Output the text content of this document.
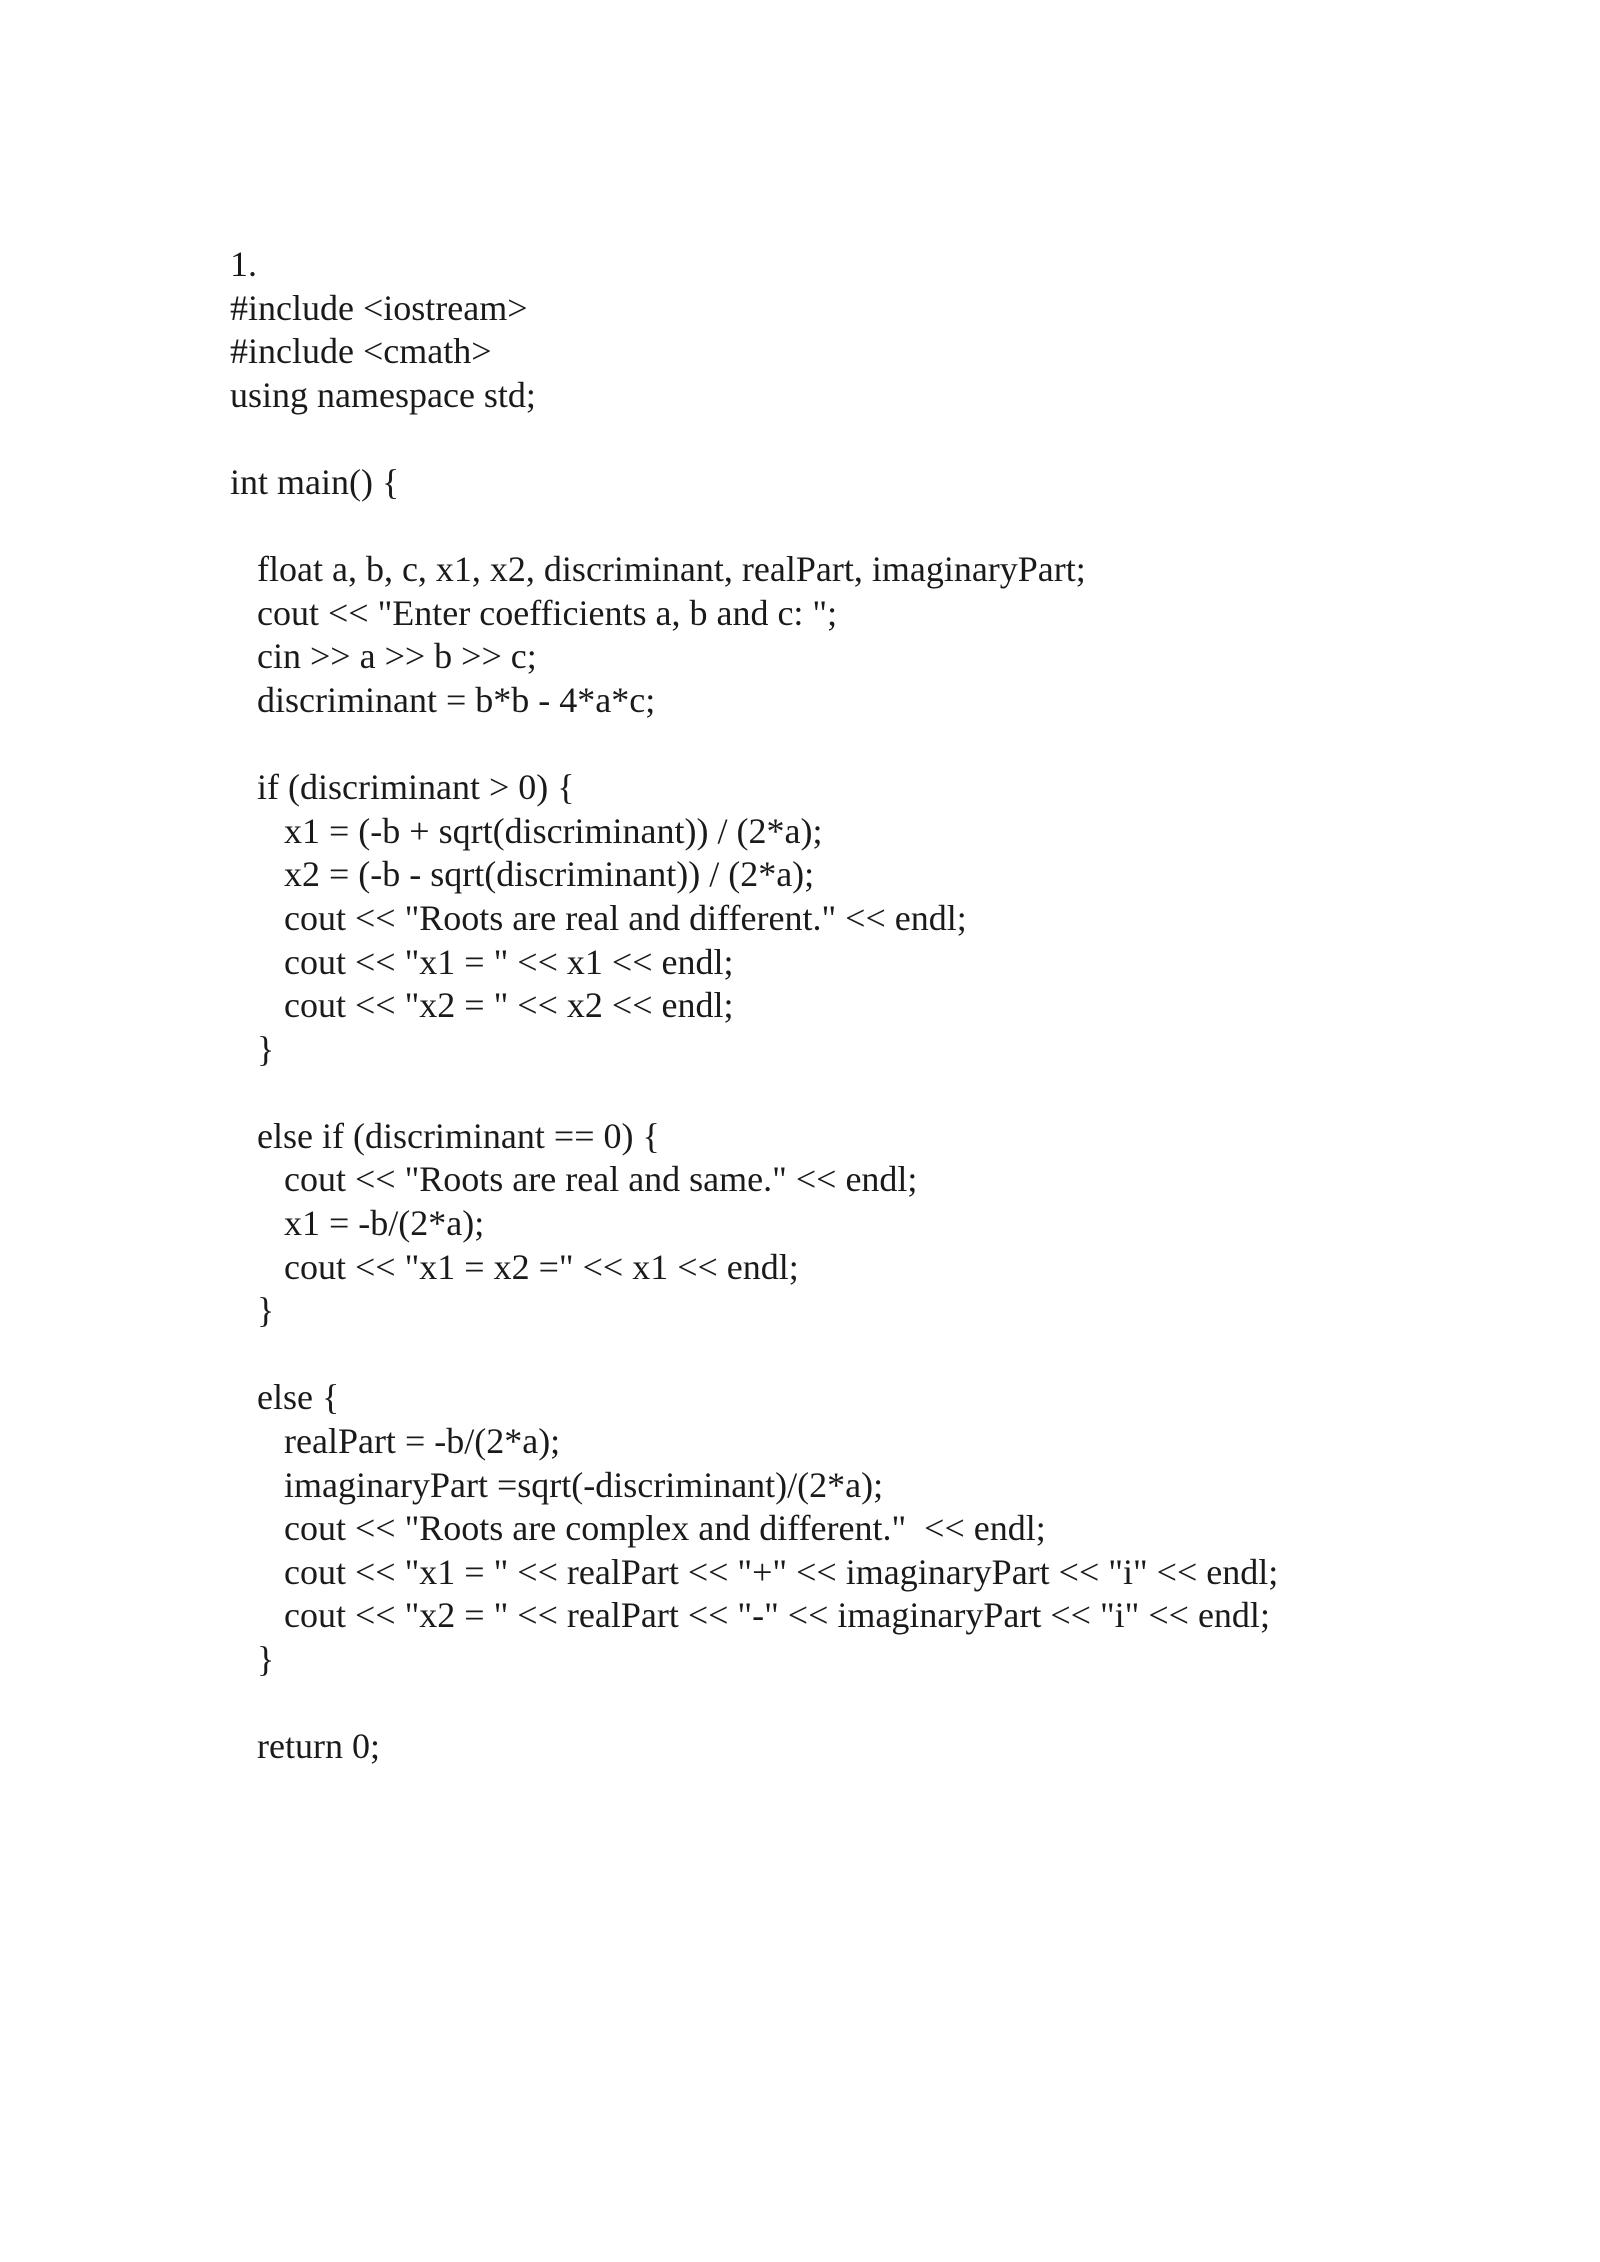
1.
#include <iostream>
#include <cmath>
using namespace std;
int main() {
float a, b, c, x1, x2, discriminant, realPart, imaginaryPart;
cout << "Enter coefficients a, b and c: ";
cin >> a >> b >> c;
discriminant = b*b - 4*a*c;
if (discriminant > 0) {
x1 = (-b + sqrt(discriminant)) / (2*a);
x2 = (-b - sqrt(discriminant)) / (2*a);
cout << "Roots are real and different." << endl;
cout << "x1 = " << x1 << endl;
cout << "x2 = " << x2 << endl;
}
else if (discriminant == 0) {
cout << "Roots are real and same." << endl;
x1 = -b/(2*a);
cout << "x1 = x2 =" << x1 << endl;
}
else {
realPart = -b/(2*a);
imaginaryPart =sqrt(-discriminant)/(2*a);
cout << "Roots are complex and different."  << endl;
cout << "x1 = " << realPart << "+" << imaginaryPart << "i" << endl;
cout << "x2 = " << realPart << "-" << imaginaryPart << "i" << endl;
}
return 0;
